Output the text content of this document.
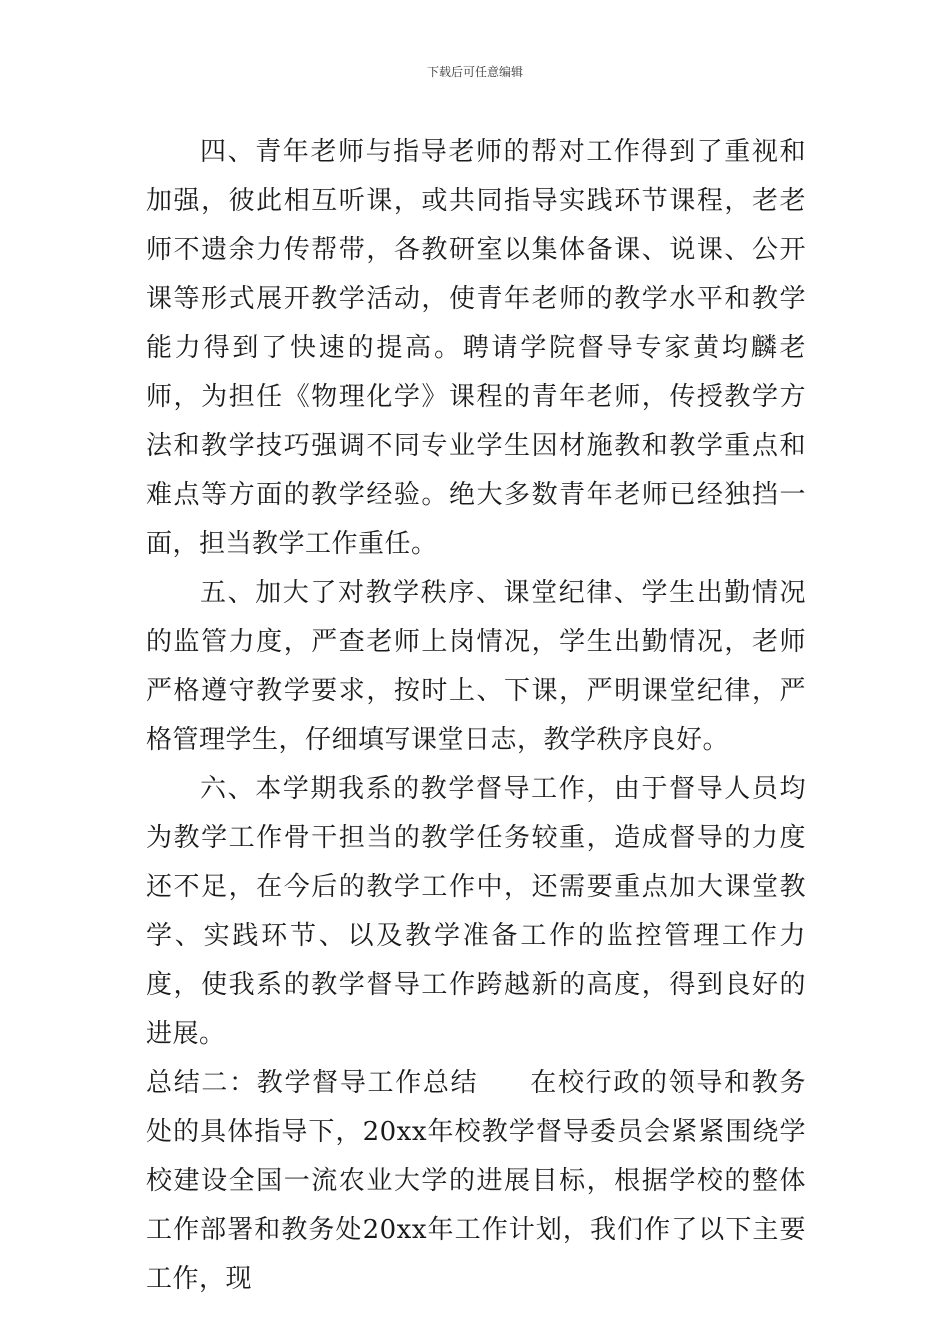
下载后可任意编辑

四、青年老师与指导老师的帮对工作得到了重视和加强，彼此相互听课，或共同指导实践环节课程，老老师不遗余力传帮带，各教研室以集体备课、说课、公开课等形式展开教学活动，使青年老师的教学水平和教学能力得到了快速的提高。聘请学院督导专家黄均麟老师，为担任《物理化学》课程的青年老师，传授教学方法和教学技巧强调不同专业学生因材施教和教学重点和难点等方面的教学经验。绝大多数青年老师已经独挡一面，担当教学工作重任。

五、加大了对教学秩序、课堂纪律、学生出勤情况的监管力度，严查老师上岗情况，学生出勤情况，老师严格遵守教学要求，按时上、下课，严明课堂纪律，严格管理学生，仔细填写课堂日志，教学秩序良好。

六、本学期我系的教学督导工作，由于督导人员均为教学工作骨干担当的教学任务较重，造成督导的力度还不足，在今后的教学工作中，还需要重点加大课堂教学、实践环节、以及教学准备工作的监控管理工作力度，使我系的教学督导工作跨越新的高度，得到良好的进展。

总结二：教学督导工作总结 在校行政的领导和教务处的具体指导下，20xx年校教学督导委员会紧紧围绕学校建设全国一流农业大学的进展目标，根据学校的整体工作部署和教务处20xx年工作计划，我们作了以下主要工作，现
